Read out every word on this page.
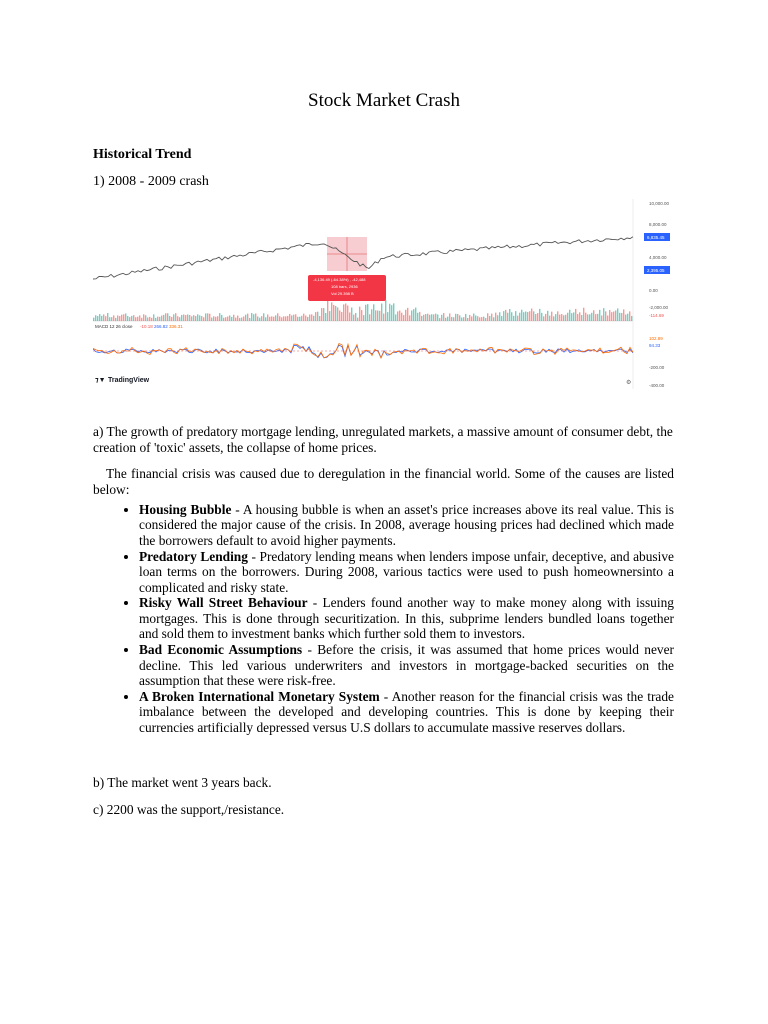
Stock Market Crash
Historical Trend
1) 2008 - 2009 crash
-4,136.49 (-64.38%) , -42,488
108 bars, 2936
Vol 29.398 B
10,000.00
8,000.00
6,835.45
4,000.00
2,395.05
0.00
-2,000.00
-114.69
102.89
94.33
-200.00
-400.00
MACD 12 26 close -10.18 266.82 336.31
⁊▼ TradingView	⚙
a) The growth of predatory mortgage lending, unregulated markets, a massive amount of consumer debt, the creation of 'toxic' assets, the collapse of home prices.
The financial crisis was caused due to deregulation in the financial world. Some of the causes are listed below:
• Housing Bubble - A housing bubble is when an asset's price increases above its real value. This is considered the major cause of the crisis. In 2008, average housing prices had declined which made the borrowers default to avoid higher payments.
• Predatory Lending - Predatory lending means when lenders impose unfair, deceptive, and abusive loan terms on the borrowers. During 2008, various tactics were used to push homeownersinto a complicated and risky state.
• Risky Wall Street Behaviour - Lenders found another way to make money along with issuing mortgages. This is done through securitization. In this, subprime lenders bundled loans together and sold them to investment banks which further sold them to investors.
• Bad Economic Assumptions - Before the crisis, it was assumed that home prices would never decline. This led various underwriters and investors in mortgage-backed securities on the assumption that these were risk-free.
• A Broken International Monetary System - Another reason for the financial crisis was the trade imbalance between the developed and developing countries. This is done by keeping their currencies artificially depressed versus U.S dollars to accumulate massive reserves dollars.
b) The market went 3 years back.
c) 2200 was the support,/resistance.
